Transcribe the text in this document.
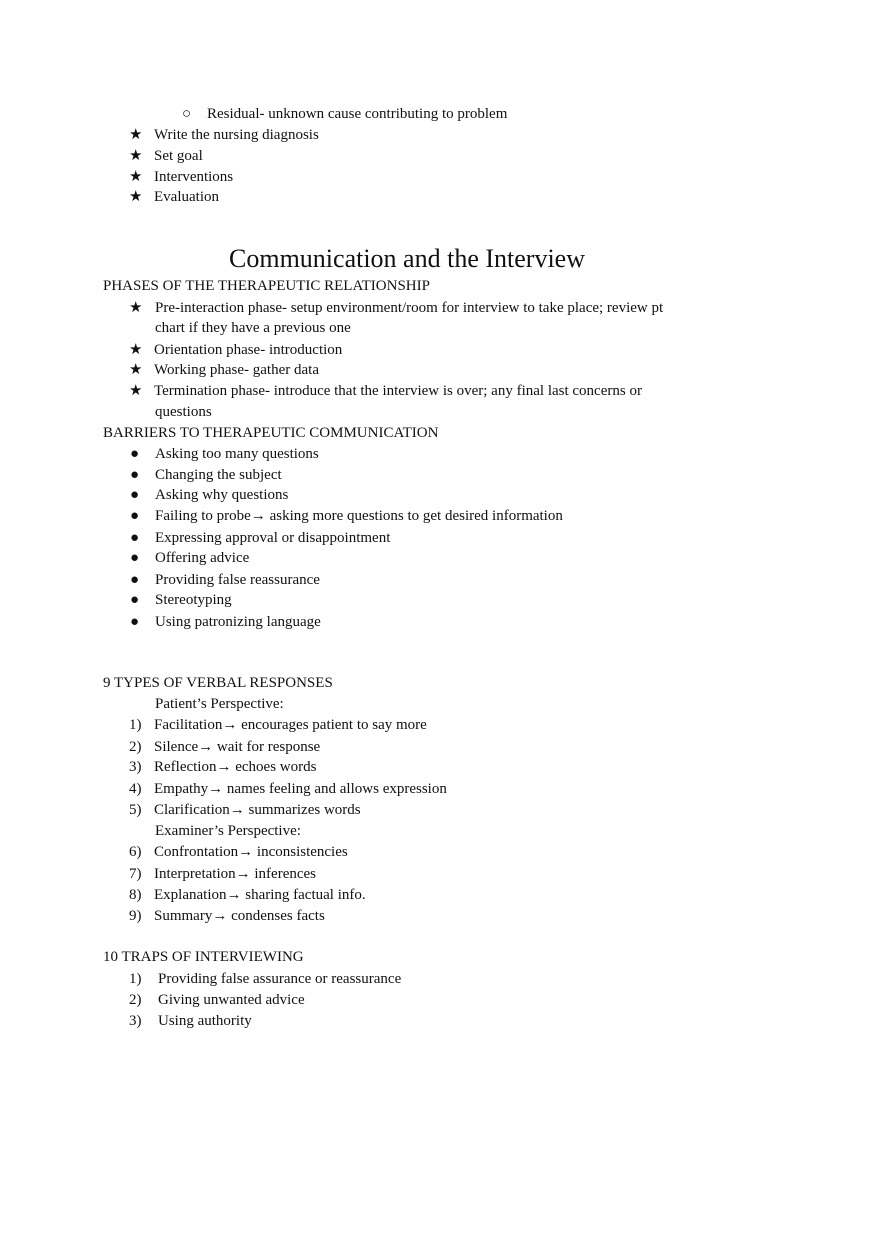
○ Residual- unknown cause contributing to problem
★ Write the nursing diagnosis
★ Set goal
★ Interventions
★ Evaluation
Communication and the Interview
PHASES OF THE THERAPEUTIC RELATIONSHIP
★ Pre-interaction phase- setup environment/room for interview to take place; review pt
chart if they have a previous one
★ Orientation phase- introduction
★ Working phase- gather data
★ Termination phase- introduce that the interview is over; any final last concerns or
questions
BARRIERS TO THERAPEUTIC COMMUNICATION
● Asking too many questions
● Changing the subject
● Asking why questions
● Failing to probe→ asking more questions to get desired information
● Expressing approval or disappointment
● Offering advice
● Providing false reassurance
● Stereotyping
● Using patronizing language
9 TYPES OF VERBAL RESPONSES
Patient’s Perspective:
1) Facilitation→ encourages patient to say more
2) Silence→ wait for response
3) Reflection→ echoes words
4) Empathy→ names feeling and allows expression
5) Clarification→ summarizes words
Examiner’s Perspective:
6) Confrontation→ inconsistencies
7) Interpretation→ inferences
8) Explanation→ sharing factual info.
9) Summary→ condenses facts
10 TRAPS OF INTERVIEWING
1) Providing false assurance or reassurance
2) Giving unwanted advice
3) Using authority
